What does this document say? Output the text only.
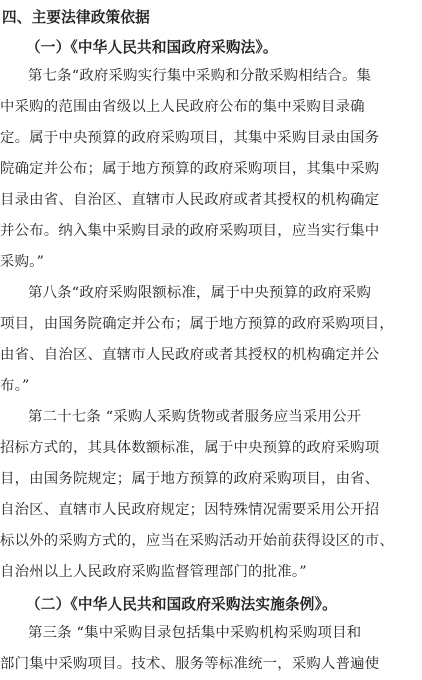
四、主要法律政策依据
（一）《中华人民共和国政府采购法》。

第七条“政府采购实行集中采购和分散采购相结合。集
中采购的范围由省级以上人民政府公布的集中采购目录确
定。属于中央预算的政府采购项目，其集中采购目录由国务
院确定并公布；属于地方预算的政府采购项目，其集中采购
目录由省、自治区、直辖市人民政府或者其授权的机构确定
并公布。纳入集中采购目录的政府采购项目，应当实行集中
采购。”

第八条“政府采购限额标准，属于中央预算的政府采购
项目，由国务院确定并公布；属于地方预算的政府采购项目，
由省、自治区、直辖市人民政府或者其授权的机构确定并公
布。”

第二十七条 “采购人采购货物或者服务应当采用公开
招标方式的，其具体数额标准，属于中央预算的政府采购项
目，由国务院规定；属于地方预算的政府采购项目，由省、
自治区、直辖市人民政府规定；因特殊情况需要采用公开招
标以外的采购方式的，应当在采购活动开始前获得设区的市、
自治州以上人民政府采购监督管理部门的批准。”

（二）《中华人民共和国政府采购法实施条例》。

第三条 “集中采购目录包括集中采购机构采购项目和
部门集中采购项目。技术、服务等标准统一，采购人普遍使
